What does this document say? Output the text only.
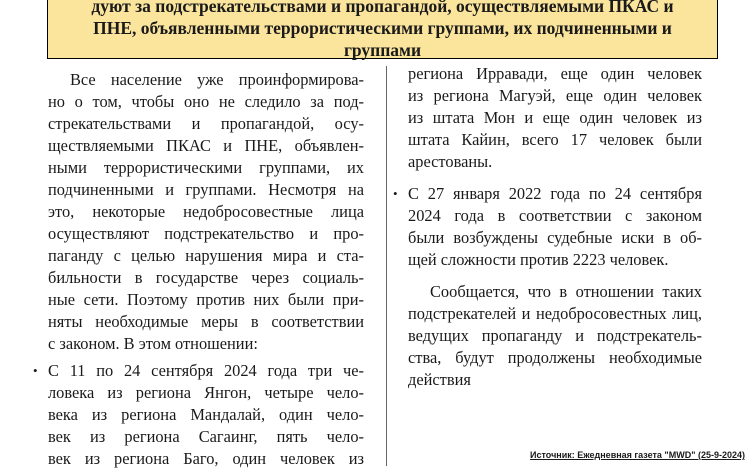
дуют за подстрекательствами и пропагандой, осуществляемыми ПКАС и
ПНЕ, объявленными террористическими группами, их подчиненными и
группами
Все население уже проинформирова-
но о том, чтобы оно не следило за под-
стрекательствами и пропагандой, осу-
ществляемыми ПКАС и ПНЕ, объявлен-
ными террористическими группами, их
подчиненными и группами. Несмотря на
это, некоторые недобросовестные лица
осуществляют подстрекательство и про-
паганду с целью нарушения мира и ста-
бильности в государстве через социаль-
ные сети. Поэтому против них были при-
няты необходимые меры в соответствии
с законом. В этом отношении:
• С 11 по 24 сентября 2024 года три че-
ловека из региона Янгон, четыре чело-
века из региона Мандалай, один чело-
век из региона Сагаинг, пять чело-
век из региона Баго, один человек из
региона Ирравади, еще один человек
из региона Магуэй, еще один человек
из штата Мон и еще один человек из
штата Кайин, всего 17 человек были
арестованы.
• С 27 января 2022 года по 24 сентября
2024 года в соответствии с законом
были возбуждены судебные иски в об-
щей сложности против 2223 человек.
Сообщается, что в отношении таких
подстрекателей и недобросовестных лиц,
ведущих пропаганду и подстрекатель-
ства, будут продолжены необходимые
действия
Источник: Ежедневная газета "MWD" (25-9-2024)
